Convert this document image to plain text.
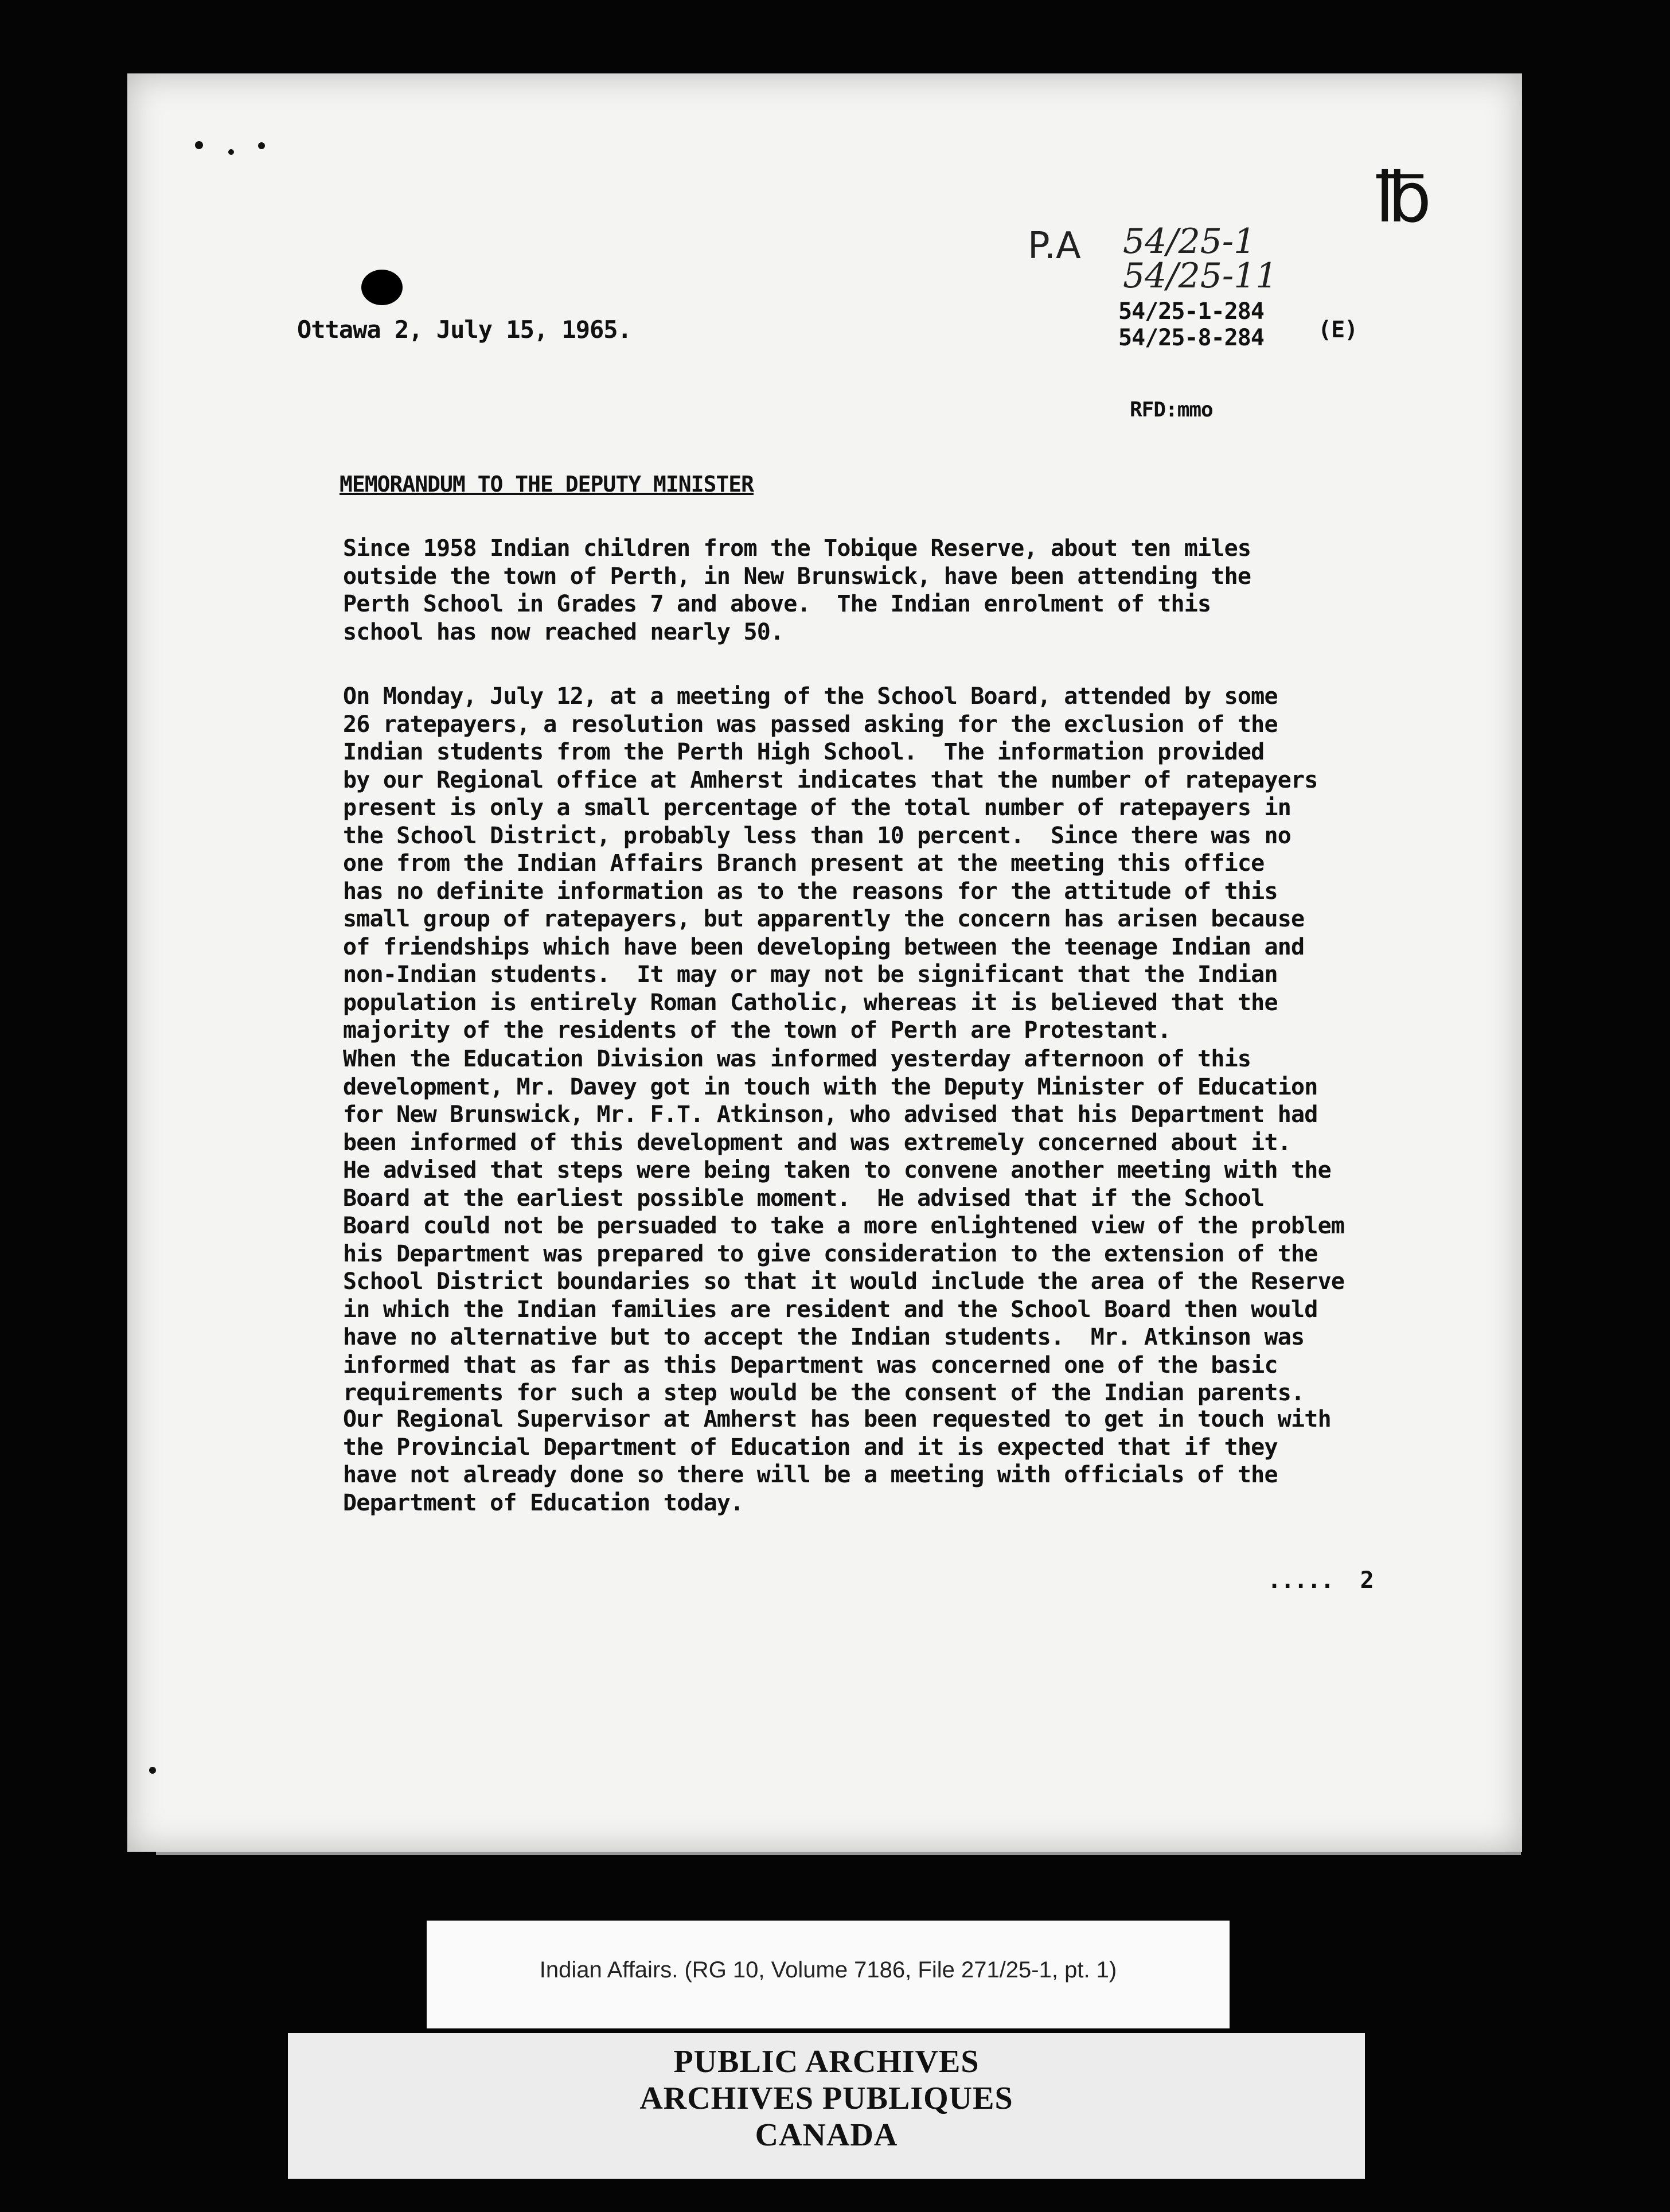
P.A 54/25-1
54/25-11
54/25-1-284
54/25-8-284 (E)
℔
Ottawa 2, July 15, 1965.
RFD:mmo
MEMORANDUM TO THE DEPUTY MINISTER
Since 1958 Indian children from the Tobique Reserve, about ten miles
outside the town of Perth, in New Brunswick, have been attending the
Perth School in Grades 7 and above.  The Indian enrolment of this
school has now reached nearly 50.
On Monday, July 12, at a meeting of the School Board, attended by some
26 ratepayers, a resolution was passed asking for the exclusion of the
Indian students from the Perth High School.  The information provided
by our Regional office at Amherst indicates that the number of ratepayers
present is only a small percentage of the total number of ratepayers in
the School District, probably less than 10 percent.  Since there was no
one from the Indian Affairs Branch present at the meeting this office
has no definite information as to the reasons for the attitude of this
small group of ratepayers, but apparently the concern has arisen because
of friendships which have been developing between the teenage Indian and
non-Indian students.  It may or may not be significant that the Indian
population is entirely Roman Catholic, whereas it is believed that the
majority of the residents of the town of Perth are Protestant.
When the Education Division was informed yesterday afternoon of this
development, Mr. Davey got in touch with the Deputy Minister of Education
for New Brunswick, Mr. F.T. Atkinson, who advised that his Department had
been informed of this development and was extremely concerned about it.
He advised that steps were being taken to convene another meeting with the
Board at the earliest possible moment.  He advised that if the School
Board could not be persuaded to take a more enlightened view of the problem
his Department was prepared to give consideration to the extension of the
School District boundaries so that it would include the area of the Reserve
in which the Indian families are resident and the School Board then would
have no alternative but to accept the Indian students.  Mr. Atkinson was
informed that as far as this Department was concerned one of the basic
requirements for such a step would be the consent of the Indian parents.
Our Regional Supervisor at Amherst has been requested to get in touch with
the Provincial Department of Education and it is expected that if they
have not already done so there will be a meeting with officials of the
Department of Education today.
.....  2
Indian Affairs. (RG 10, Volume 7186, File 271/25-1, pt. 1)
PUBLIC ARCHIVES
ARCHIVES PUBLIQUES
CANADA
